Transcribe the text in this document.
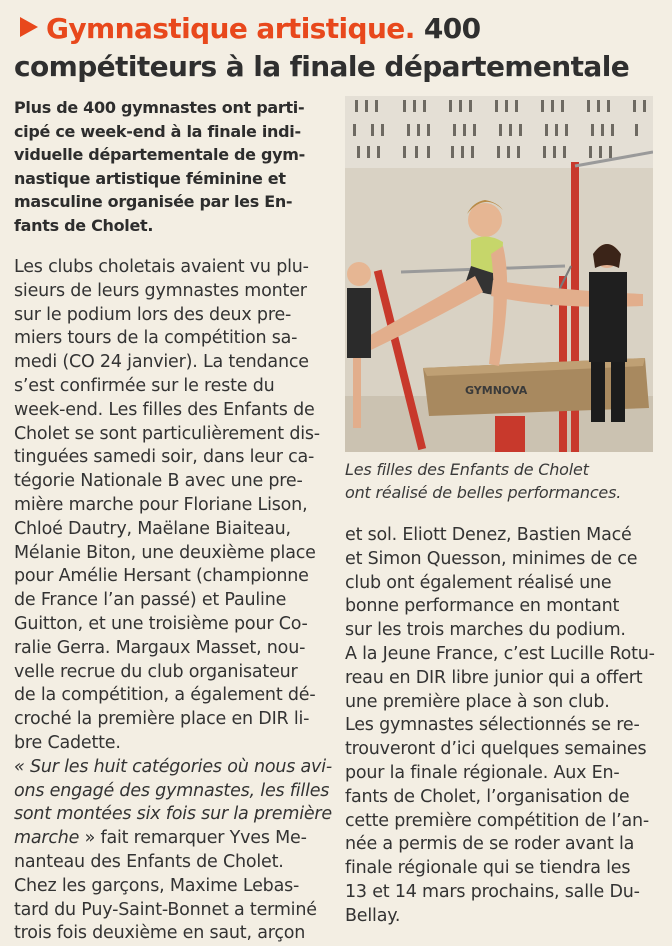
Gymnastique artistique. 400
compétiteurs à la finale départementale
Plus de 400 gymnastes ont parti-
cipé ce week-end à la finale indi-
viduelle départementale de gym-
nastique artistique féminine et
masculine organisée par les En-
fants de Cholet.
Les clubs choletais avaient vu plu-
sieurs de leurs gymnastes monter
sur le podium lors des deux pre-
miers tours de la compétition sa-
medi (CO 24 janvier). La tendance
s’est confirmée sur le reste du
week-end. Les filles des Enfants de
Cholet se sont particulièrement dis-
tinguées samedi soir, dans leur ca-
tégorie Nationale B avec une pre-
mière marche pour Floriane Lison,
Chloé Dautry, Maëlane Biaiteau,
Mélanie Biton, une deuxième place
pour Amélie Hersant (championne
de France l’an passé) et Pauline
Guitton, et une troisième pour Co-
ralie Gerra. Margaux Masset, nou-
velle recrue du club organisateur
de la compétition, a également dé-
croché la première place en DIR li-
bre Cadette.
« Sur les huit catégories où nous avi-
ons engagé des gymnastes, les filles
sont montées six fois sur la première
marche » fait remarquer Yves Me-
nanteau des Enfants de Cholet.
Chez les garçons, Maxime Lebas-
tard du Puy-Saint-Bonnet a terminé
trois fois deuxième en saut, arçon
GYMNOVA
Les filles des Enfants de Cholet
ont réalisé de belles performances.
et sol. Eliott Denez, Bastien Macé
et Simon Quesson, minimes de ce
club ont également réalisé une
bonne performance en montant
sur les trois marches du podium.
A la Jeune France, c’est Lucille Rotu-
reau en DIR libre junior qui a offert
une première place à son club.
Les gymnastes sélectionnés se re-
trouveront d’ici quelques semaines
pour la finale régionale. Aux En-
fants de Cholet, l’organisation de
cette première compétition de l’an-
née a permis de se roder avant la
finale régionale qui se tiendra les
13 et 14 mars prochains, salle Du-
Bellay.
